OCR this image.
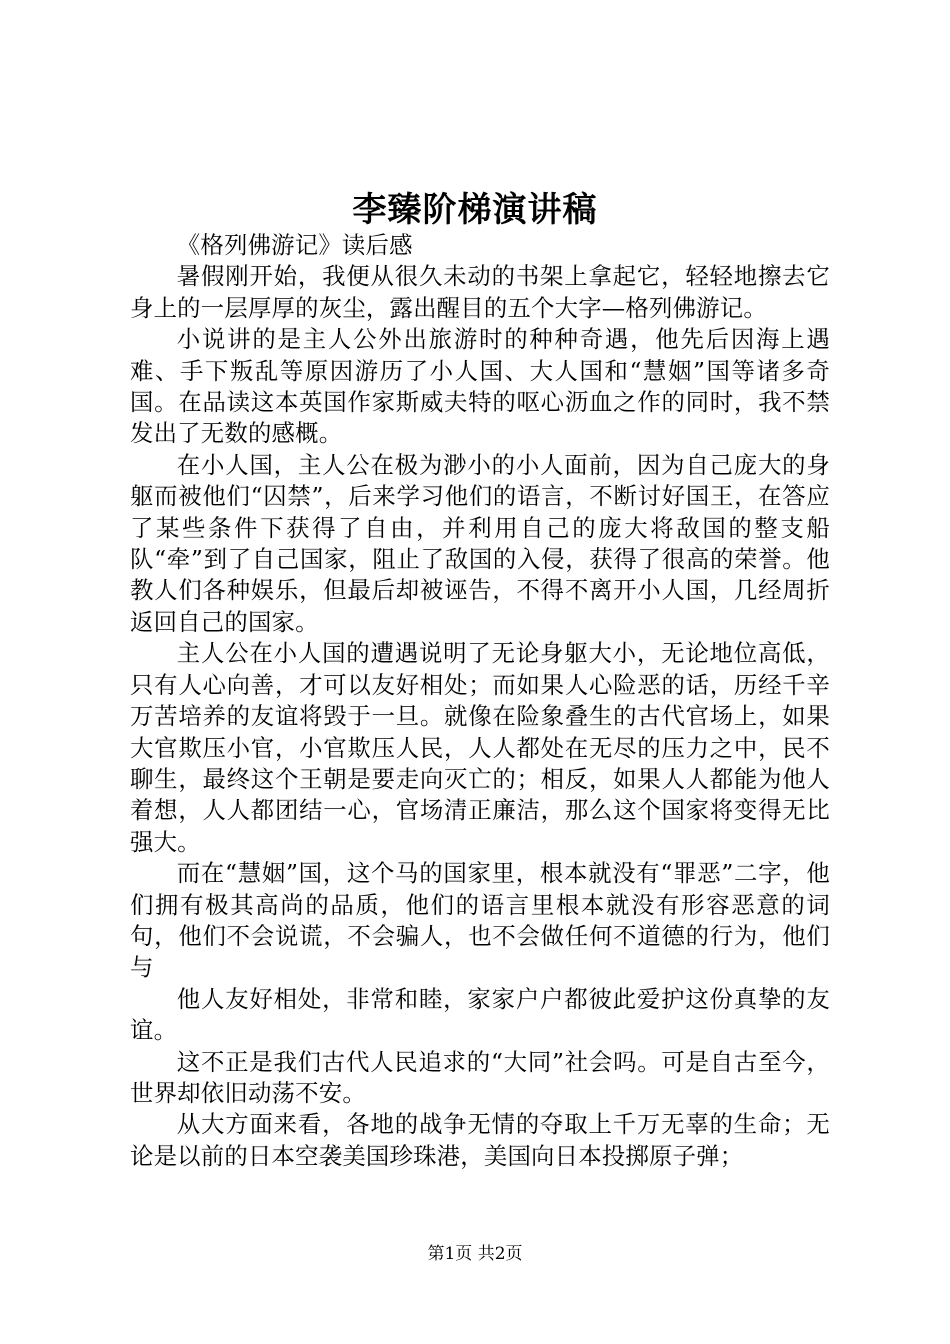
李臻阶梯演讲稿

《格列佛游记》读后感

暑假刚开始，我便从很久未动的书架上拿起它，轻轻地擦去它身上的一层厚厚的灰尘，露出醒目的五个大字—格列佛游记。

小说讲的是主人公外出旅游时的种种奇遇，他先后因海上遇难、手下叛乱等原因游历了小人国、大人国和“慧姻”国等诸多奇国。在品读这本英国作家斯威夫特的呕心沥血之作的同时，我不禁发出了无数的感概。

在小人国，主人公在极为渺小的小人面前，因为自己庞大的身躯而被他们“囚禁”，后来学习他们的语言，不断讨好国王，在答应了某些条件下获得了自由，并利用自己的庞大将敌国的整支船队“牵”到了自己国家，阻止了敌国的入侵，获得了很高的荣誉。他教人们各种娱乐，但最后却被诬告，不得不离开小人国，几经周折返回自己的国家。

主人公在小人国的遭遇说明了无论身躯大小，无论地位高低，只有人心向善，才可以友好相处；而如果人心险恶的话，历经千辛万苦培养的友谊将毁于一旦。就像在险象叠生的古代官场上，如果大官欺压小官，小官欺压人民，人人都处在无尽的压力之中，民不聊生，最终这个王朝是要走向灭亡的；相反，如果人人都能为他人着想，人人都团结一心，官场清正廉洁，那么这个国家将变得无比强大。

而在“慧姻”国，这个马的国家里，根本就没有“罪恶”二字，他们拥有极其高尚的品质，他们的语言里根本就没有形容恶意的词句，他们不会说谎，不会骗人，也不会做任何不道德的行为，他们与

他人友好相处，非常和睦，家家户户都彼此爱护这份真挚的友谊。

这不正是我们古代人民追求的“大同”社会吗。可是自古至今，世界却依旧动荡不安。

从大方面来看，各地的战争无情的夺取上千万无辜的生命；无论是以前的日本空袭美国珍珠港，美国向日本投掷原子弹；

第1页 共2页
